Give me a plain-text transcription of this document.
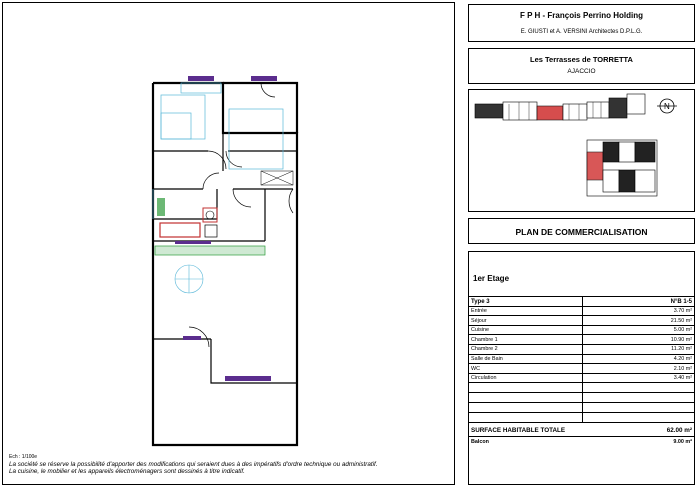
Ech : 1/100e
La société se réserve la possibilité d'apporter des modifications qui seraient dues à des impératifs d'ordre technique ou administratif.
La cuisine, le mobilier et les appareils électroménagers sont dessinés à titre indicatif.
F P H - François Perrino Holding
E. GIUSTI et A. VERSINI Architectes D.P.L.G.
Les Terrasses de TORRETTA
AJACCIO
N
PLAN DE COMMERCIALISATION
1er Etage
Type 3	N°B 1-5
Entrée	3.70 m²
Séjour	21.50 m²
Cuisine	5.00 m²
Chambre 1	10.90 m²
Chambre 2	11.20 m²
Salle de Bain	4.20 m²
WC	2.10 m²
Circulation	3.40 m²
SURFACE HABITABLE TOTALE	62.00 m²
Balcon	9.00 m²
